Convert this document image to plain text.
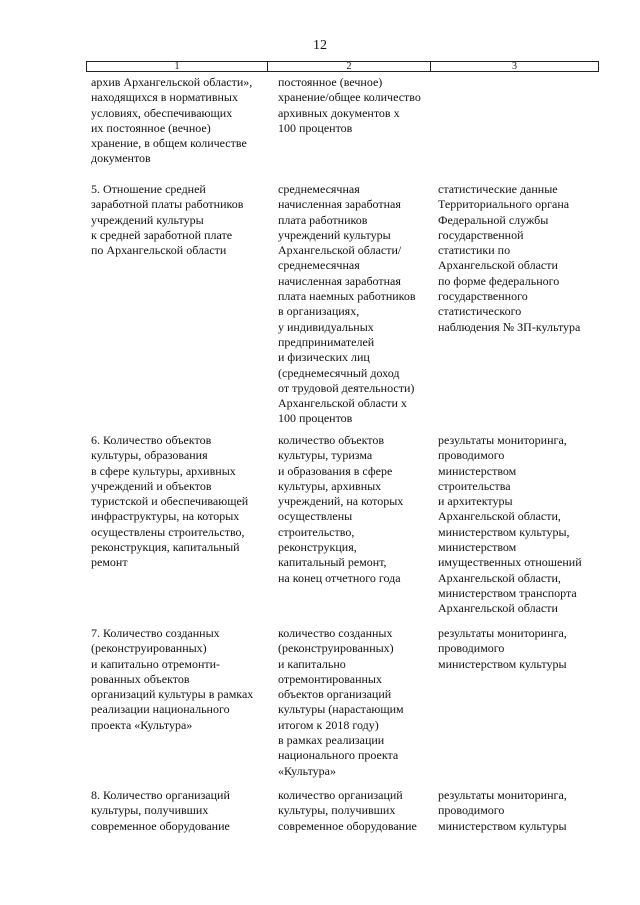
12
1	2	3
архив Архангельской области»,
находящихся в нормативных
условиях, обеспечивающих
их постоянное (вечное)
хранение, в общем количестве
документов
постоянное (вечное)
хранение/общее количество
архивных документов х
100 процентов
5. Отношение средней
заработной платы работников
учреждений культуры
к средней заработной плате
по Архангельской области
среднемесячная
начисленная заработная
плата работников
учреждений культуры
Архангельской области/
среднемесячная
начисленная заработная
плата наемных работников
в организациях,
у индивидуальных
предпринимателей
и физических лиц
(среднемесячный доход
от трудовой деятельности)
Архангельской области х
100 процентов
статистические данные
Территориального органа
Федеральной службы
государственной
статистики по
Архангельской области
по форме федерального
государственного
статистического
наблюдения № ЗП-культура
6. Количество объектов
культуры, образования
в сфере культуры, архивных
учреждений и объектов
туристской и обеспечивающей
инфраструктуры, на которых
осуществлены строительство,
реконструкция, капитальный
ремонт
количество объектов
культуры, туризма
и образования в сфере
культуры, архивных
учреждений, на которых
осуществлены
строительство,
реконструкция,
капитальный ремонт,
на конец отчетного года
результаты мониторинга,
проводимого
министерством
строительства
и архитектуры
Архангельской области,
министерством культуры,
министерством
имущественных отношений
Архангельской области,
министерством транспорта
Архангельской области
7. Количество созданных
(реконструированных)
и капитально отремонти-
рованных объектов
организаций культуры в рамках
реализации национального
проекта «Культура»
количество созданных
(реконструированных)
и капитально
отремонтированных
объектов организаций
культуры (нарастающим
итогом к 2018 году)
в рамках реализации
национального проекта
«Культура»
результаты мониторинга,
проводимого
министерством культуры
8. Количество организаций
культуры, получивших
современное оборудование
количество организаций
культуры, получивших
современное оборудование
результаты мониторинга,
проводимого
министерством культуры
